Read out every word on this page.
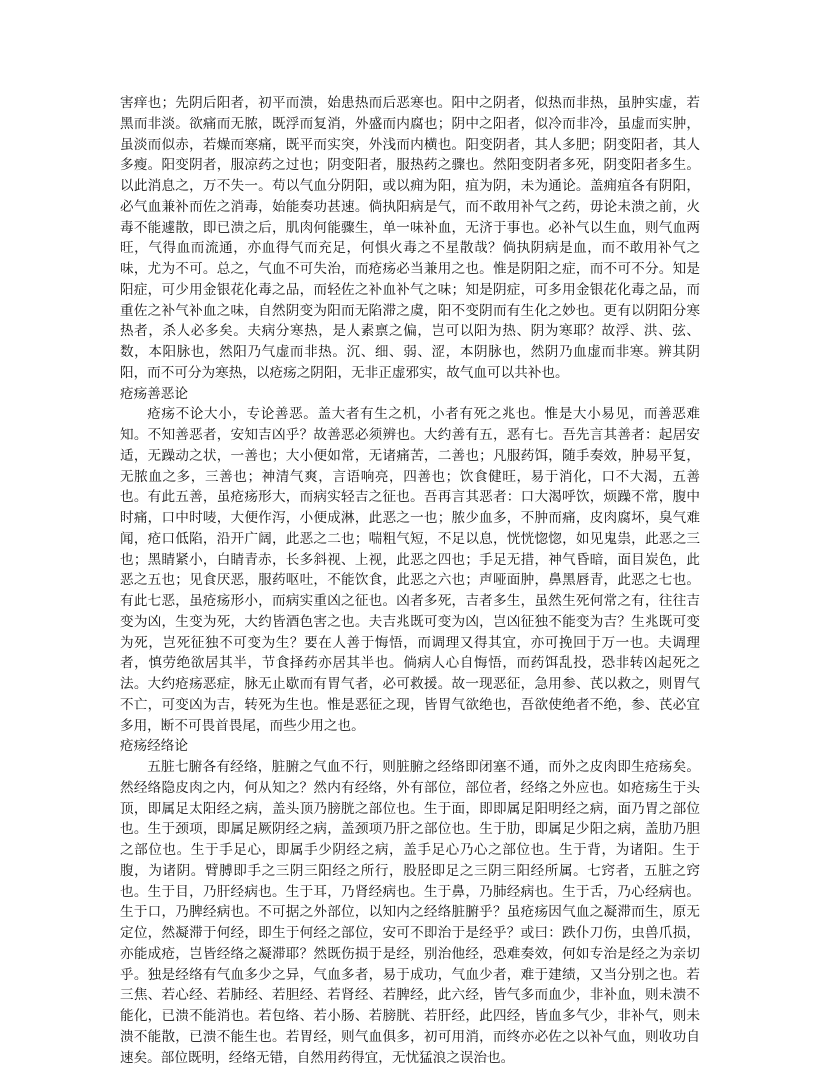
害痒也；先阴后阳者，初平而溃，始患热而后恶寒也。阳中之阴者，似热而非热，虽肿实虚，若黑而非淡。欲痛而无脓，既浮而复消，外盛而内腐也；阴中之阳者，似冷而非冷，虽虚而实肿，虽淡而似赤，若燥而寒痛，既平而实突，外浅而内横也。阳变阴者，其人多肥；阴变阳者，其人多瘦。阳变阴者，服凉药之过也；阴变阳者，服热药之骤也。然阳变阴者多死，阴变阳者多生。以此消息之，万不失一。苟以气血分阴阳，或以痈为阳，疽为阴，未为通论。盖痈疽各有阴阳，必气血兼补而佐之消毒，始能奏功甚速。倘执阳病是气，而不敢用补气之药，毋论未溃之前，火毒不能遽散，即已溃之后，肌肉何能骤生，单一味补血，无济于事也。必补气以生血，则气血两旺，气得血而流通，亦血得气而充足，何惧火毒之不星散哉？倘执阴病是血，而不敢用补气之味，尤为不可。总之，气血不可失治，而疮疡必当兼用之也。惟是阴阳之症，而不可不分。知是阳症，可少用金银花化毒之品，而轻佐之补血补气之味；知是阴症，可多用金银花化毒之品，而重佐之补气补血之味，自然阴变为阳而无陷滞之虞，阳不变阴而有生化之妙也。更有以阴阳分寒热者，杀人必多矣。夫病分寒热，是人素禀之偏，岂可以阳为热、阴为寒耶？故浮、洪、弦、数，本阳脉也，然阳乃气虚而非热。沉、细、弱、涩，本阴脉也，然阴乃血虚而非寒。辨其阴阳，而不可分为寒热，以疮疡之阴阳，无非正虚邪实，故气血可以共补也。

疮疡善恶论

疮疡不论大小，专论善恶。盖大者有生之机，小者有死之兆也。惟是大小易见，而善恶难知。不知善恶者，安知吉凶乎？故善恶必须辨也。大约善有五，恶有七。吾先言其善者：起居安适，无躁动之状，一善也；大小便如常，无诸痛苦，二善也；凡服药饵，随手奏效，肿易平复，无脓血之多，三善也；神清气爽，言语响亮，四善也；饮食健旺，易于消化，口不大渴，五善也。有此五善，虽疮疡形大，而病实轻吉之征也。吾再言其恶者：口大渴呼饮，烦躁不常，腹中时痛，口中时唛，大便作泻，小便成淋，此恶之一也；脓少血多，不肿而痛，皮肉腐坏，臭气难闻，疮口低陷，沿开广阔，此恶之二也；喘粗气短，不足以息，恍恍惚惚，如见鬼祟，此恶之三也；黑睛紧小，白睛青赤，长多斜视、上视，此恶之四也；手足无措，神气昏暗，面目炭色，此恶之五也；见食厌恶，服药呕吐，不能饮食，此恶之六也；声哑面肿，鼻黑唇青，此恶之七也。有此七恶，虽疮疡形小，而病实重凶之征也。凶者多死，吉者多生，虽然生死何常之有，往往吉变为凶，生变为死，大约皆酒色害之也。夫吉兆既可变为凶，岂凶征独不能变为吉？生兆既可变为死，岂死征独不可变为生？要在人善于悔悟，而调理又得其宜，亦可挽回于万一也。夫调理者，慎劳绝欲居其半，节食择药亦居其半也。倘病人心自悔悟，而药饵乱投，恐非转凶起死之法。大约疮疡恶症，脉无止歇而有胃气者，必可救援。故一现恶征，急用参、芪以救之，则胃气不亡，可变凶为吉，转死为生也。惟是恶征之现，皆胃气欲绝也，吾欲使绝者不绝，参、芪必宜多用，断不可畏首畏尾，而些少用之也。

疮疡经络论

五脏七腑各有经络，脏腑之气血不行，则脏腑之经络即闭塞不通，而外之皮肉即生疮疡矣。然经络隐皮肉之内，何从知之？然内有经络，外有部位，部位者，经络之外应也。如疮疡生于头顶，即属足太阳经之病，盖头顶乃膀胱之部位也。生于面，即即属足阳明经之病，面乃胃之部位也。生于颈项，即属足厥阴经之病，盖颈项乃肝之部位也。生于肋，即属足少阳之病，盖肋乃胆之部位也。生于手足心，即属手少阴经之病，盖手足心乃心之部位也。生于背，为诸阳。生于腹，为诸阴。臂膊即手之三阴三阳经之所行，股胫即足之三阴三阳经所属。七窍者，五脏之窍也。生于目，乃肝经病也。生于耳，乃肾经病也。生于鼻，乃肺经病也。生于舌，乃心经病也。生于口，乃脾经病也。不可据之外部位，以知内之经络脏腑乎？虽疮疡因气血之凝滞而生，原无定位，然凝滞于何经，即生于何经之部位，安可不即治于是经乎？或曰：跌仆刀伤，虫兽爪损，亦能成疮，岂皆经络之凝滞耶？然既伤损于是经，别治他经，恐难奏效，何如专治是经之为亲切乎。独是经络有气血多少之异，气血多者，易于成功，气血少者，难于建绩，又当分别之也。若三焦、若心经、若肺经、若胆经、若肾经、若脾经，此六经，皆气多而血少，非补血，则未溃不能化，已溃不能消也。若包络、若小肠、若膀胱、若肝经，此四经，皆血多气少，非补气，则未溃不能散，已溃不能生也。若胃经，则气血俱多，初可用消，而终亦必佐之以补气血，则收功自速矣。部位既明，经络无错，自然用药得宜，无忧猛浪之误治也。
